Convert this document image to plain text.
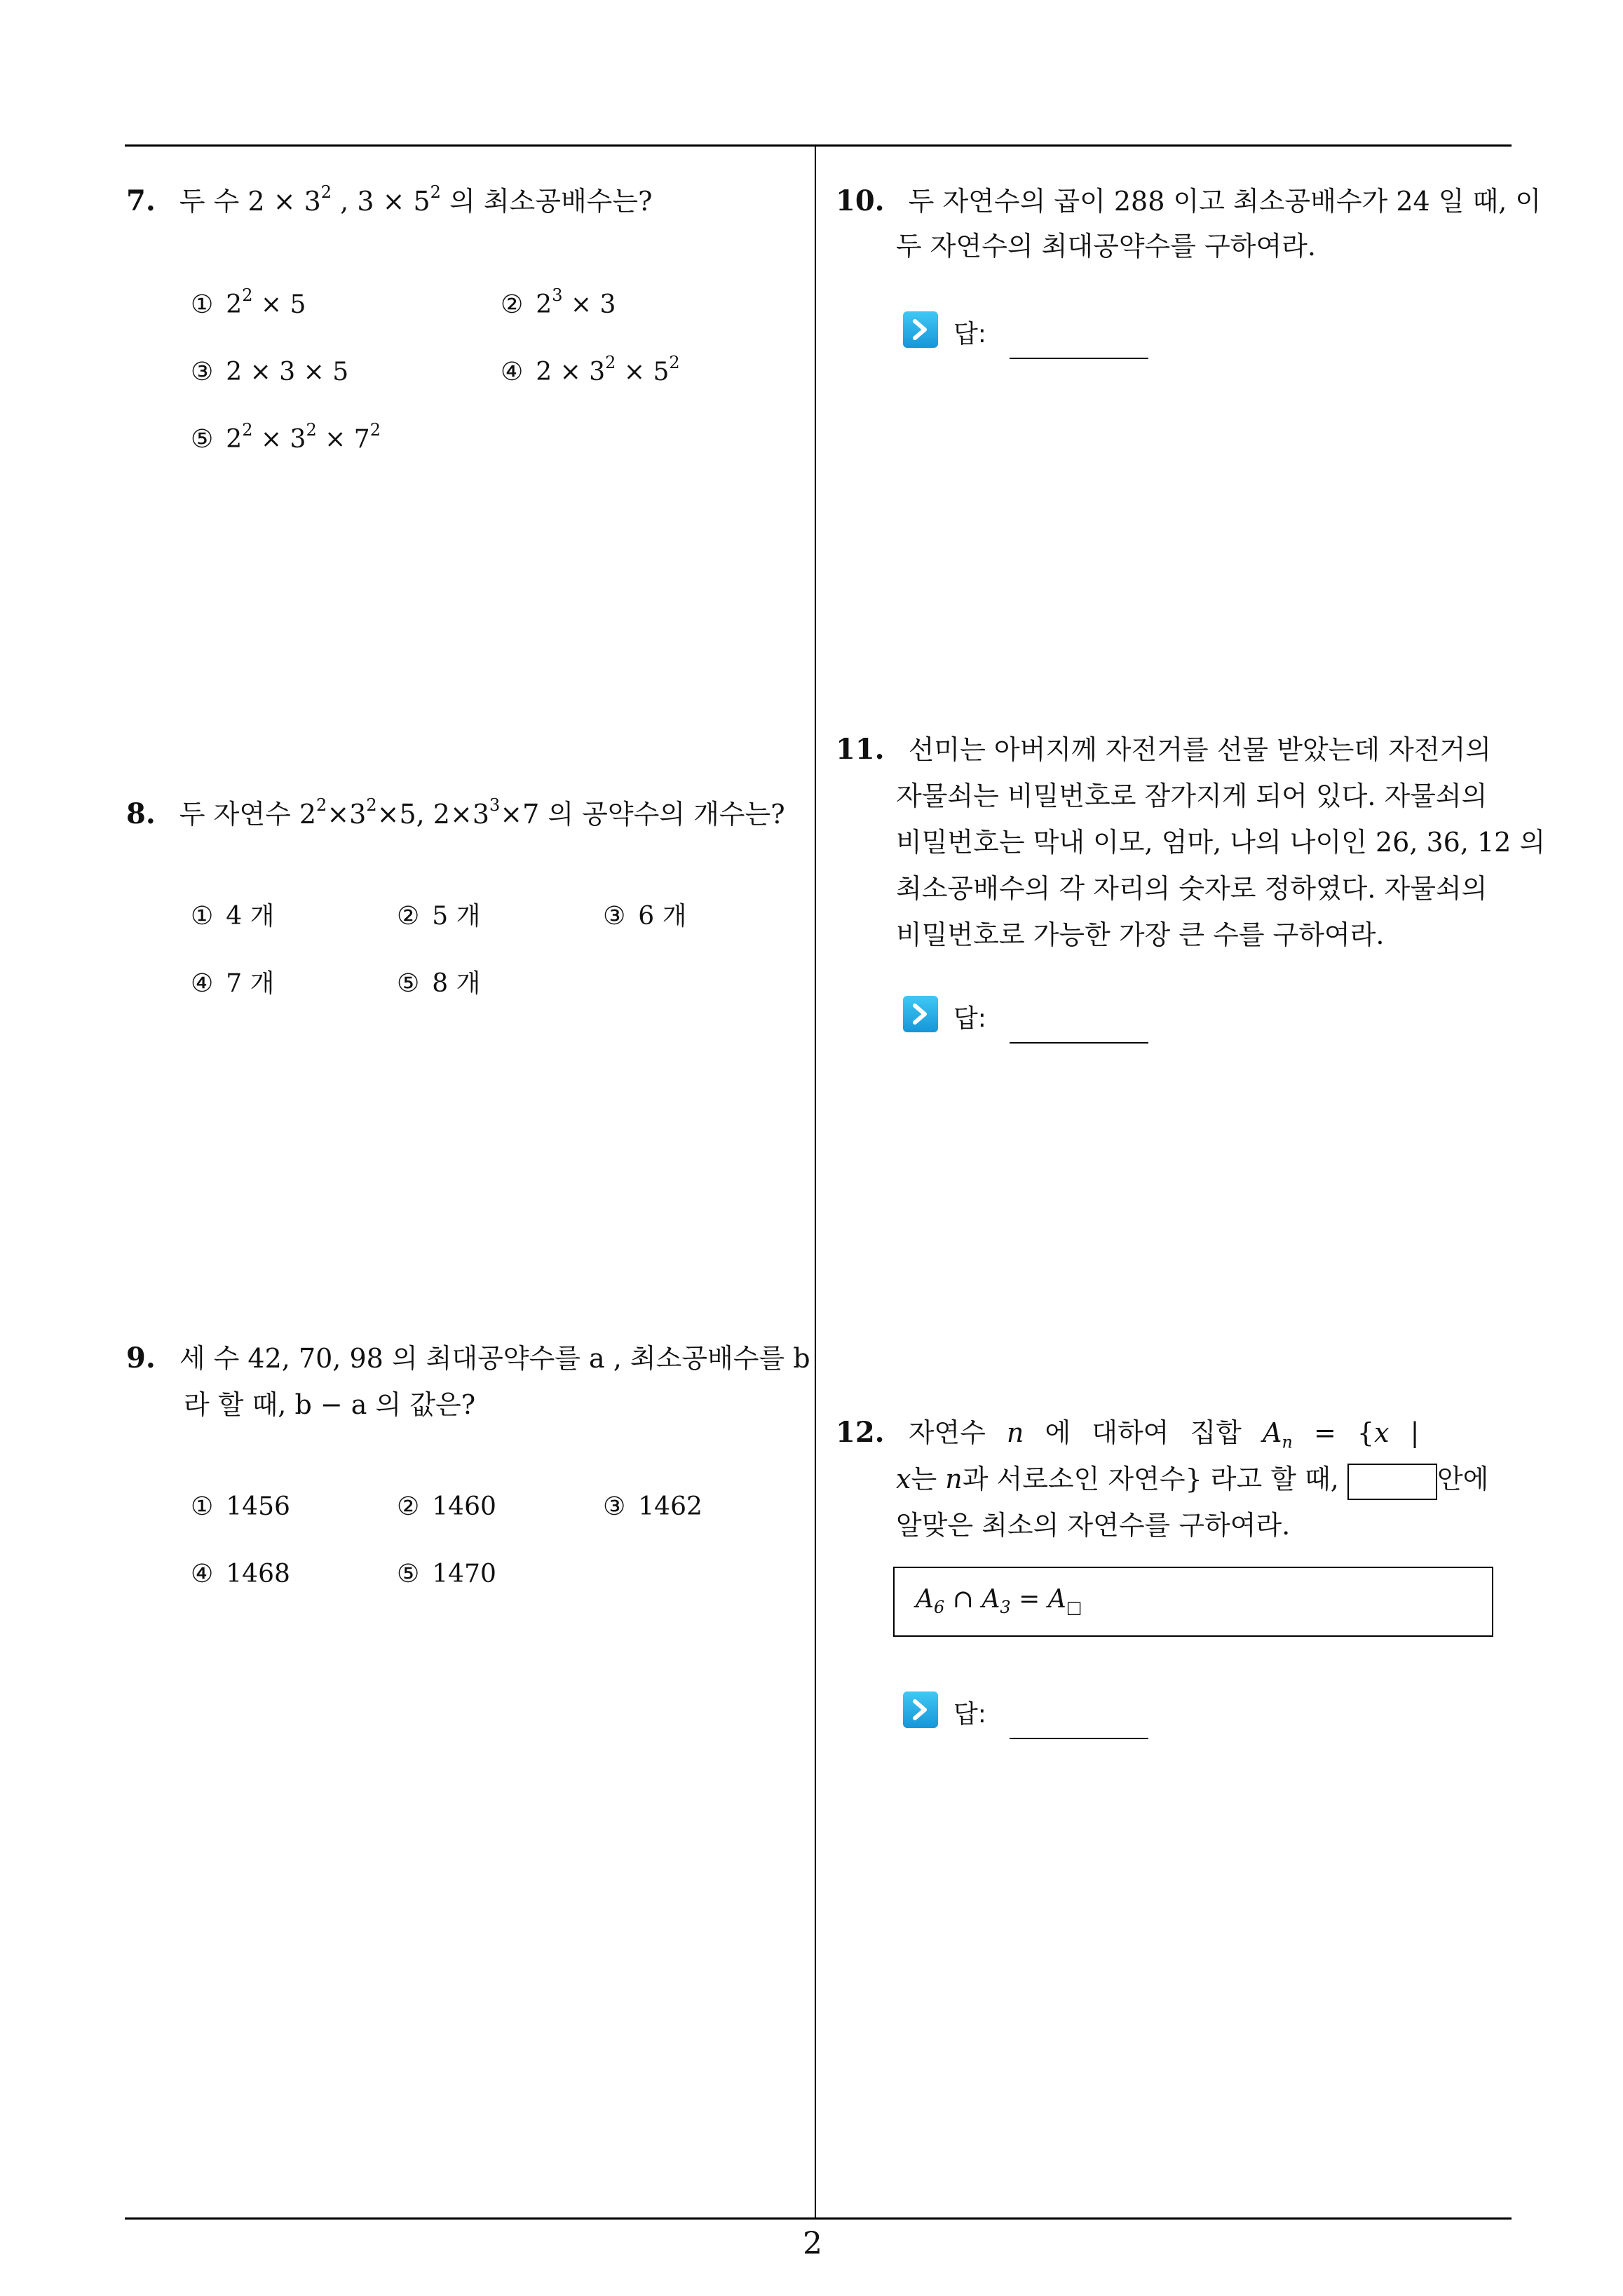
7. 두 수 $2 \times 3^2$ , $3 \times 5^2$ 의 최소공배수는?
① $2^2 \times 5$	② $2^3 \times 3$
③ 2 × 3 × 5	④ $2 \times 3^2 \times 5^2$
⑤ $2^2 \times 3^2 \times 7^2$
8. 두 자연수 $2^2\times 3^2\times 5$, $2\times 3^3\times 7$ 의 공약수의 개수는?
① 4 개	② 5 개	③ 6 개
④ 7 개	⑤ 8 개
9. 세 수 42, 70, 98 의 최대공약수를 a , 최소공배수를 b
라 할 때, b − a 의 값은?
① 1456	② 1460	③ 1462
④ 1468	⑤ 1470
10. 두 자연수의 곱이 288 이고 최소공배수가 24 일 때, 이
두 자연수의 최대공약수를 구하여라.
답:
11. 선미는 아버지께 자전거를 선물 받았는데 자전거의
자물쇠는 비밀번호로 잠가지게 되어 있다. 자물쇠의
비밀번호는 막내 이모, 엄마, 나의 나이인 26, 36, 12 의
최소공배수의 각 자리의 숫자로 정하였다. 자물쇠의
비밀번호로 가능한 가장 큰 수를 구하여라.
답:
12. 자연수 n 에 대하여 집합 $A_n = \{x$ |
x는 n과 서로소인 자연수} 라고 할 때,	안에
알맞은 최소의 자연수를 구하여라.
$A_6$ ∩ $A_3 = A_□$
답:
2
